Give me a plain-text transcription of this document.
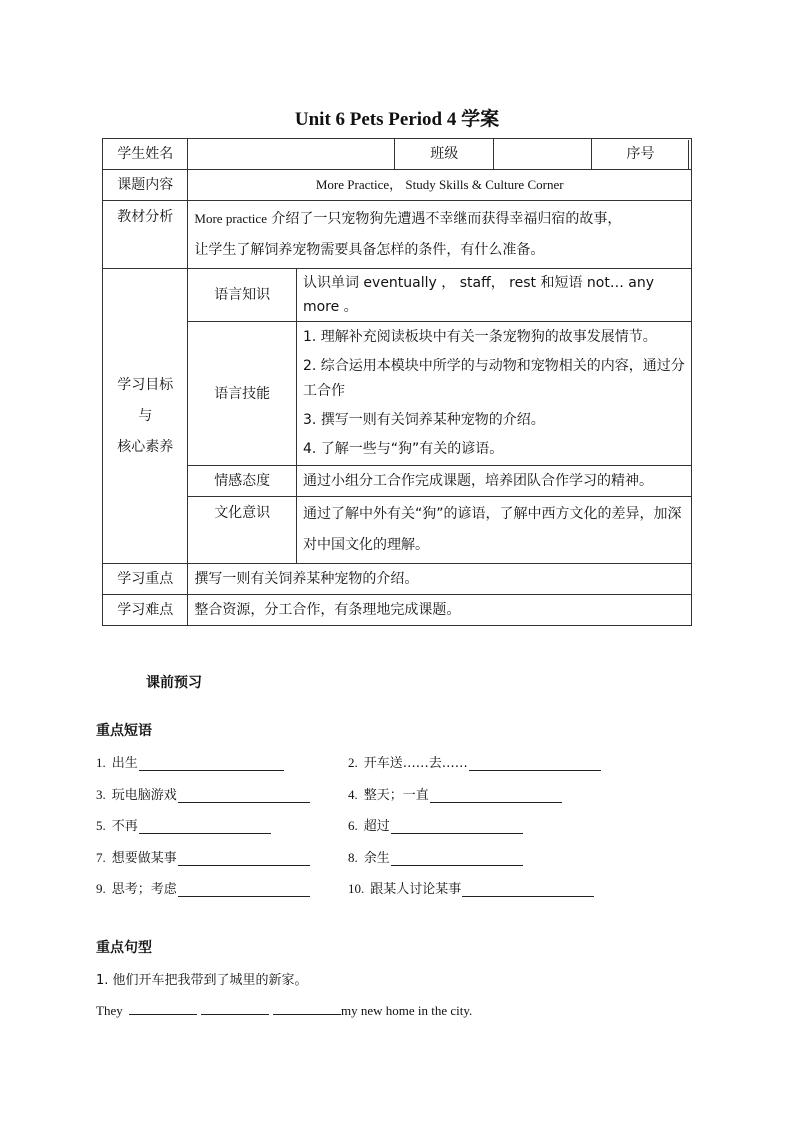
Unit 6 Pets Period 4 学案
学生姓名			班级		序号

课题内容	More Practice， Study Skills & Culture Corner				
教材分析	More practice 介绍了一只宠物狗先遭遇不幸继而获得幸福归宿的故事，
让学生了解饲养宠物需要具备怎样的条件，有什么准备。				
学习目标
与
核心素养	语言知识	认识单词 eventually ， staff， rest 和短语 not… any more 。			
	语言技能	1. 理解补充阅读板块中有关一条宠物狗的故事发展情节。
2. 综合运用本模块中所学的与动物和宠物相关的内容，通过分工合作
3. 撰写一则有关饲养某种宠物的介绍。
4. 了解一些与“狗”有关的谚语。			

	情感态度	通过小组分工合作完成课题，培养团队合作学习的精神。			
	文化意识	通过了解中外有关“狗”的谚语，了解中西方文化的差异，加深对中国文化的理解。			
学习重点	撰写一则有关饲养某种宠物的介绍。				
学习难点	整合资源，分工合作，有条理地完成课题。				
课前预习
重点短语
1. 出生	2. 开车送……去……
3. 玩电脑游戏	4. 整天；一直
5. 不再	6. 超过
7. 想要做某事	8. 余生
9. 思考；考虑	10. 跟某人讨论某事
重点句型
1. 他们开车把我带到了城里的新家。
They	my new home in the city.
